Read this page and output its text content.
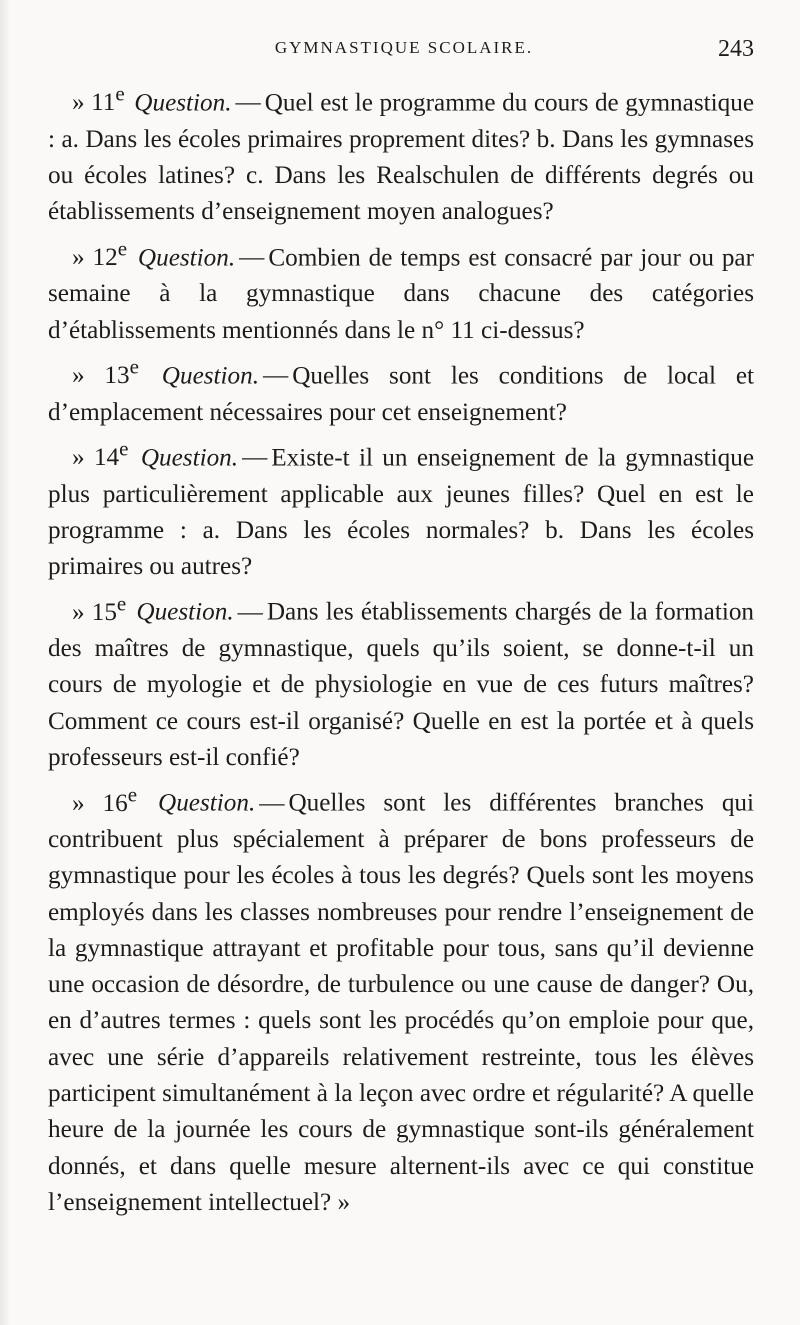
GYMNASTIQUE SCOLAIRE.	243

» 11e Question. — Quel est le programme du cours de gymnastique : a. Dans les écoles primaires proprement dites? b. Dans les gymnases ou écoles latines? c. Dans les Realschulen de différents degrés ou établissements d’enseignement moyen analogues?

» 12e Question. — Combien de temps est consacré par jour ou par semaine à la gymnastique dans chacune des catégories d’établissements mentionnés dans le n° 11 ci-dessus?

» 13e Question. — Quelles sont les conditions de local et d’emplacement nécessaires pour cet enseignement?

» 14e Question. — Existe-t il un enseignement de la gymnastique plus particulièrement applicable aux jeunes filles? Quel en est le programme : a. Dans les écoles normales? b. Dans les écoles primaires ou autres?

» 15e Question. — Dans les établissements chargés de la formation des maîtres de gymnastique, quels qu’ils soient, se donne-t-il un cours de myologie et de physiologie en vue de ces futurs maîtres? Comment ce cours est-il organisé? Quelle en est la portée et à quels professeurs est-il confié?

» 16e Question. — Quelles sont les différentes branches qui contribuent plus spécialement à préparer de bons professeurs de gymnastique pour les écoles à tous les degrés? Quels sont les moyens employés dans les classes nombreuses pour rendre l’enseignement de la gymnastique attrayant et profitable pour tous, sans qu’il devienne une occasion de désordre, de turbulence ou une cause de danger? Ou, en d’autres termes : quels sont les procédés qu’on emploie pour que, avec une série d’appareils relativement restreinte, tous les élèves participent simultanément à la leçon avec ordre et régularité? A quelle heure de la journée les cours de gymnastique sont-ils généralement donnés, et dans quelle mesure alternent-ils avec ce qui constitue l’enseignement intellectuel? »
